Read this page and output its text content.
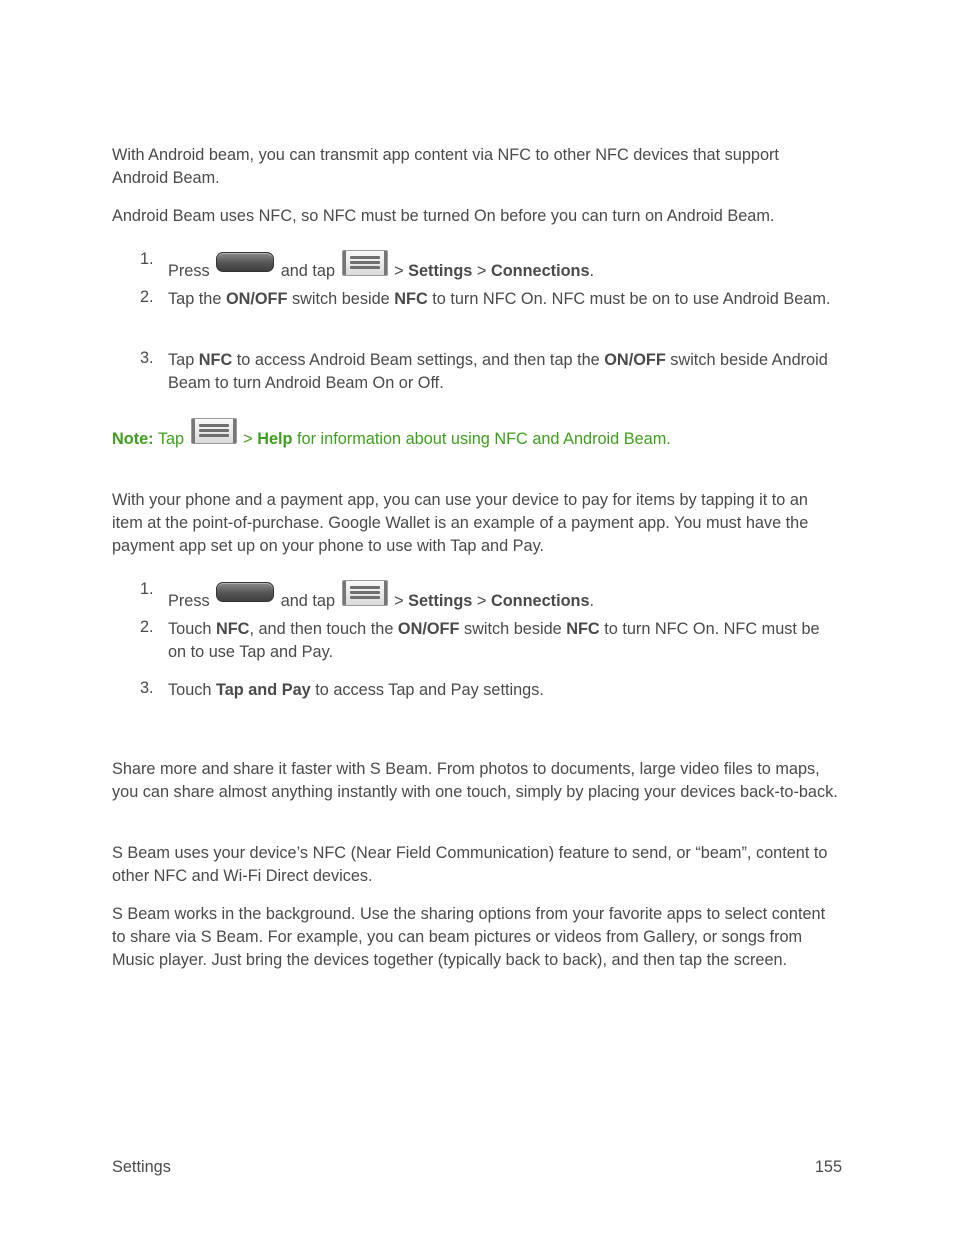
With Android beam, you can transmit app content via NFC to other NFC devices that support Android Beam.

Android Beam uses NFC, so NFC must be turned On before you can turn on Android Beam.

1.
Press	and tap	> Settings > Connections.
2. Tap the ON/OFF switch beside NFC to turn NFC On. NFC must be on to use Android Beam.
3. Tap NFC to access Android Beam settings, and then tap the ON/OFF switch beside Android Beam to turn Android Beam On or Off.

Note: Tap	> Help for information about using NFC and Android Beam.

With your phone and a payment app, you can use your device to pay for items by tapping it to an item at the point-of-purchase. Google Wallet is an example of a payment app. You must have the payment app set up on your phone to use with Tap and Pay.

1.
Press	and tap	> Settings > Connections.
2. Touch NFC, and then touch the ON/OFF switch beside NFC to turn NFC On. NFC must be on to use Tap and Pay.
3. Touch Tap and Pay to access Tap and Pay settings.

Share more and share it faster with S Beam. From photos to documents, large video files to maps, you can share almost anything instantly with one touch, simply by placing your devices back-to-back.

S Beam uses your device’s NFC (Near Field Communication) feature to send, or “beam”, content to other NFC and Wi-Fi Direct devices.

S Beam works in the background. Use the sharing options from your favorite apps to select content to share via S Beam. For example, you can beam pictures or videos from Gallery, or songs from Music player. Just bring the devices together (typically back to back), and then tap the screen.

Settings	155
